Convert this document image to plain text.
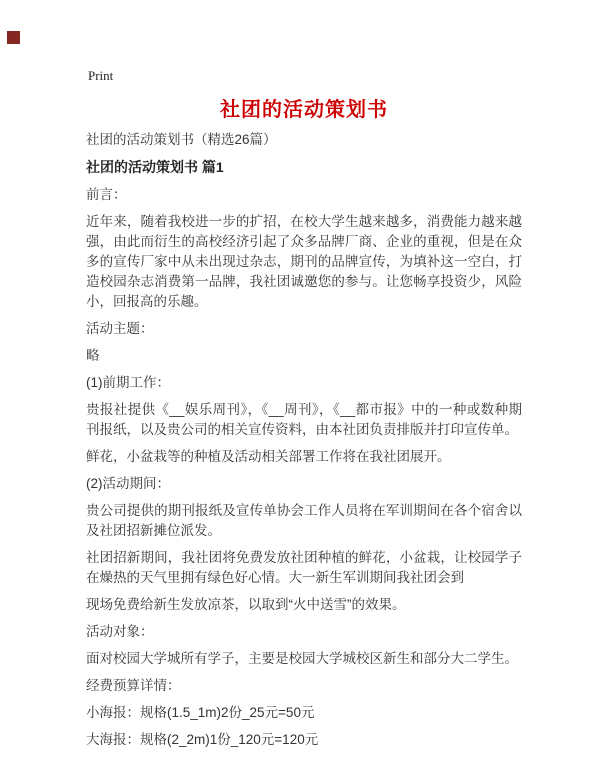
Print
社团的活动策划书

社团的活动策划书（精选26篇）

社团的活动策划书 篇1

前言：

近年来，随着我校进一步的扩招，在校大学生越来越多，消费能力越来越强，由此而衍生的高校经济引起了众多品牌厂商、企业的重视，但是在众多的宣传厂家中从未出现过杂志，期刊的品牌宣传，为填补这一空白，打造校园杂志消费第一品牌，我社团诚邀您的参与。让您畅享投资少，风险小，回报高的乐趣。

活动主题：

略

(1)前期工作：

贵报社提供《__娱乐周刊》，《__周刊》，《__都市报》中的一种或数种期刊报纸，以及贵公司的相关宣传资料，由本社团负责排版并打印宣传单。

鲜花，小盆栽等的种植及活动相关部署工作将在我社团展开。

(2)活动期间：

贵公司提供的期刊报纸及宣传单协会工作人员将在军训期间在各个宿舍以及社团招新摊位派发。

社团招新期间，我社团将免费发放社团种植的鲜花，小盆栽，让校园学子在燥热的天气里拥有绿色好心情。大一新生军训期间我社团会到

现场免费给新生发放凉茶，以取到“火中送雪”的效果。

活动对象：

面对校园大学城所有学子，主要是校园大学城校区新生和部分大二学生。

经费预算详情：

小海报：规格(1.5_1m)2份_25元=50元

大海报：规格(2_2m)1份_120元=120元
